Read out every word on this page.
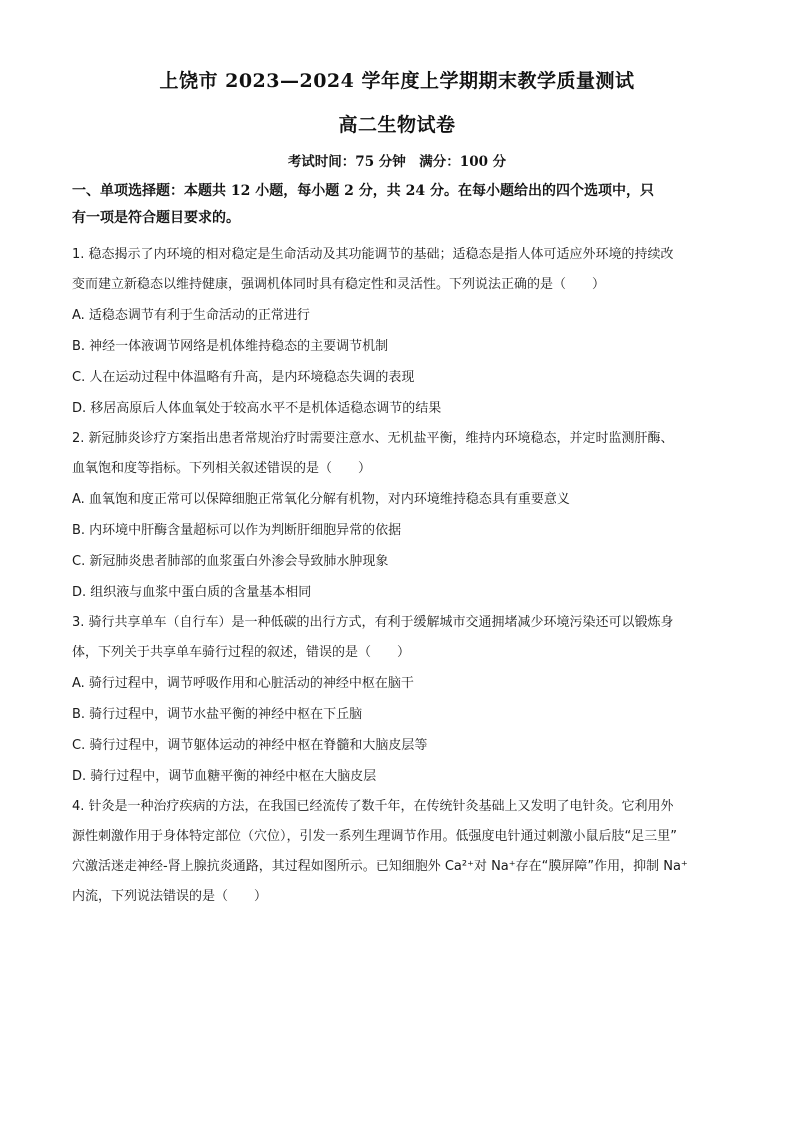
上饶市 2023—2024 学年度上学期期末教学质量测试
高二生物试卷
考试时间：75 分钟　满分：100 分
一、单项选择题：本题共 12 小题，每小题 2 分，共 24 分。在每小题给出的四个选项中，只
有一项是符合题目要求的。
1. 稳态揭示了内环境的相对稳定是生命活动及其功能调节的基础；适稳态是指人体可适应外环境的持续改
变而建立新稳态以维持健康，强调机体同时具有稳定性和灵活性。下列说法正确的是（　　）
A. 适稳态调节有利于生命活动的正常进行
B. 神经一体液调节网络是机体维持稳态的主要调节机制
C. 人在运动过程中体温略有升高，是内环境稳态失调的表现
D. 移居高原后人体血氧处于较高水平不是机体适稳态调节的结果
2. 新冠肺炎诊疗方案指出患者常规治疗时需要注意水、无机盐平衡，维持内环境稳态，并定时监测肝酶、
血氧饱和度等指标。下列相关叙述错误的是（　　）
A. 血氧饱和度正常可以保障细胞正常氧化分解有机物，对内环境维持稳态具有重要意义
B. 内环境中肝酶含量超标可以作为判断肝细胞异常的依据
C. 新冠肺炎患者肺部的血浆蛋白外渗会导致肺水肿现象
D. 组织液与血浆中蛋白质的含量基本相同
3. 骑行共享单车（自行车）是一种低碳的出行方式，有利于缓解城市交通拥堵减少环境污染还可以锻炼身
体，下列关于共享单车骑行过程的叙述，错误的是（　　）
A. 骑行过程中，调节呼吸作用和心脏活动的神经中枢在脑干
B. 骑行过程中，调节水盐平衡的神经中枢在下丘脑
C. 骑行过程中，调节躯体运动的神经中枢在脊髓和大脑皮层等
D. 骑行过程中，调节血糖平衡的神经中枢在大脑皮层
4. 针灸是一种治疗疾病的方法，在我国已经流传了数千年，在传统针灸基础上又发明了电针灸。它利用外
源性刺激作用于身体特定部位（穴位），引发一系列生理调节作用。低强度电针通过刺激小鼠后肢“足三里”
穴激活迷走神经-肾上腺抗炎通路，其过程如图所示。已知细胞外 Ca²⁺对 Na⁺存在“膜屏障”作用，抑制 Na⁺
内流，下列说法错误的是（　　）
